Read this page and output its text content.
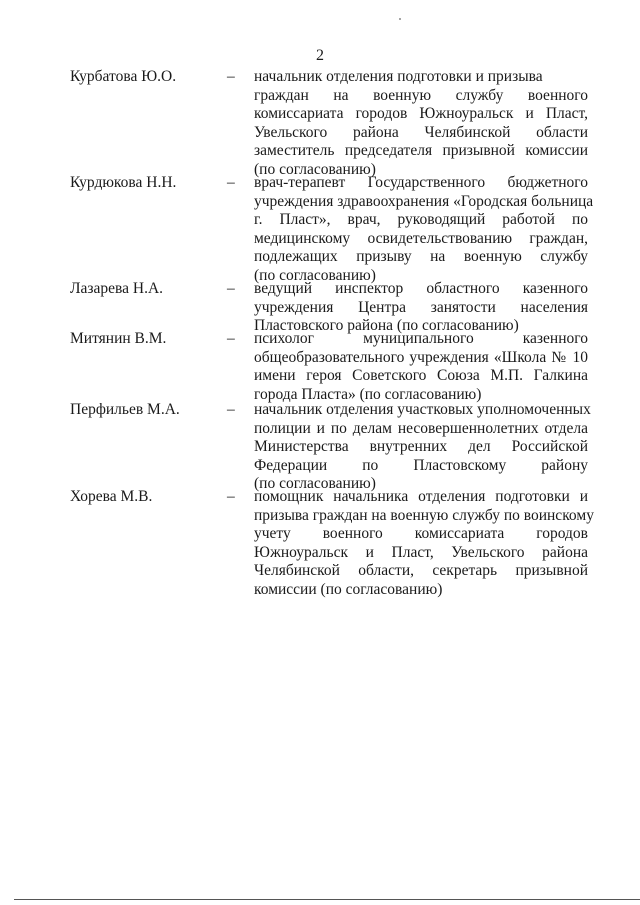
2
Курбатова Ю.О.	– начальник отделения подготовки и призыва
граждан на военную службу военного
комиссариата городов Южноуральск и Пласт,
Увельского района Челябинской области
заместитель председателя призывной комиссии
(по согласованию)
Курдюкова Н.Н.	– врач-терапевт Государственного бюджетного
учреждения здравоохранения «Городская больница
г. Пласт», врач, руководящий работой по
медицинскому освидетельствованию граждан,
подлежащих призыву на военную службу
(по согласованию)
Лазарева Н.А.	– ведущий инспектор областного казенного
учреждения Центра занятости населения
Пластовского района (по согласованию)
Митянин В.М.	– психолог муниципального казенного
общеобразовательного учреждения «Школа № 10
имени героя Советского Союза М.П. Галкина
города Пласта» (по согласованию)
Перфильев М.А.	– начальник отделения участковых уполномоченных
полиции и по делам несовершеннолетних отдела
Министерства внутренних дел Российской
Федерации по Пластовскому району
(по согласованию)
Хорева М.В.	– помощник начальника отделения подготовки и
призыва граждан на военную службу по воинскому
учету военного комиссариата городов
Южноуральск и Пласт, Увельского района
Челябинской области, секретарь призывной
комиссии (по согласованию)
